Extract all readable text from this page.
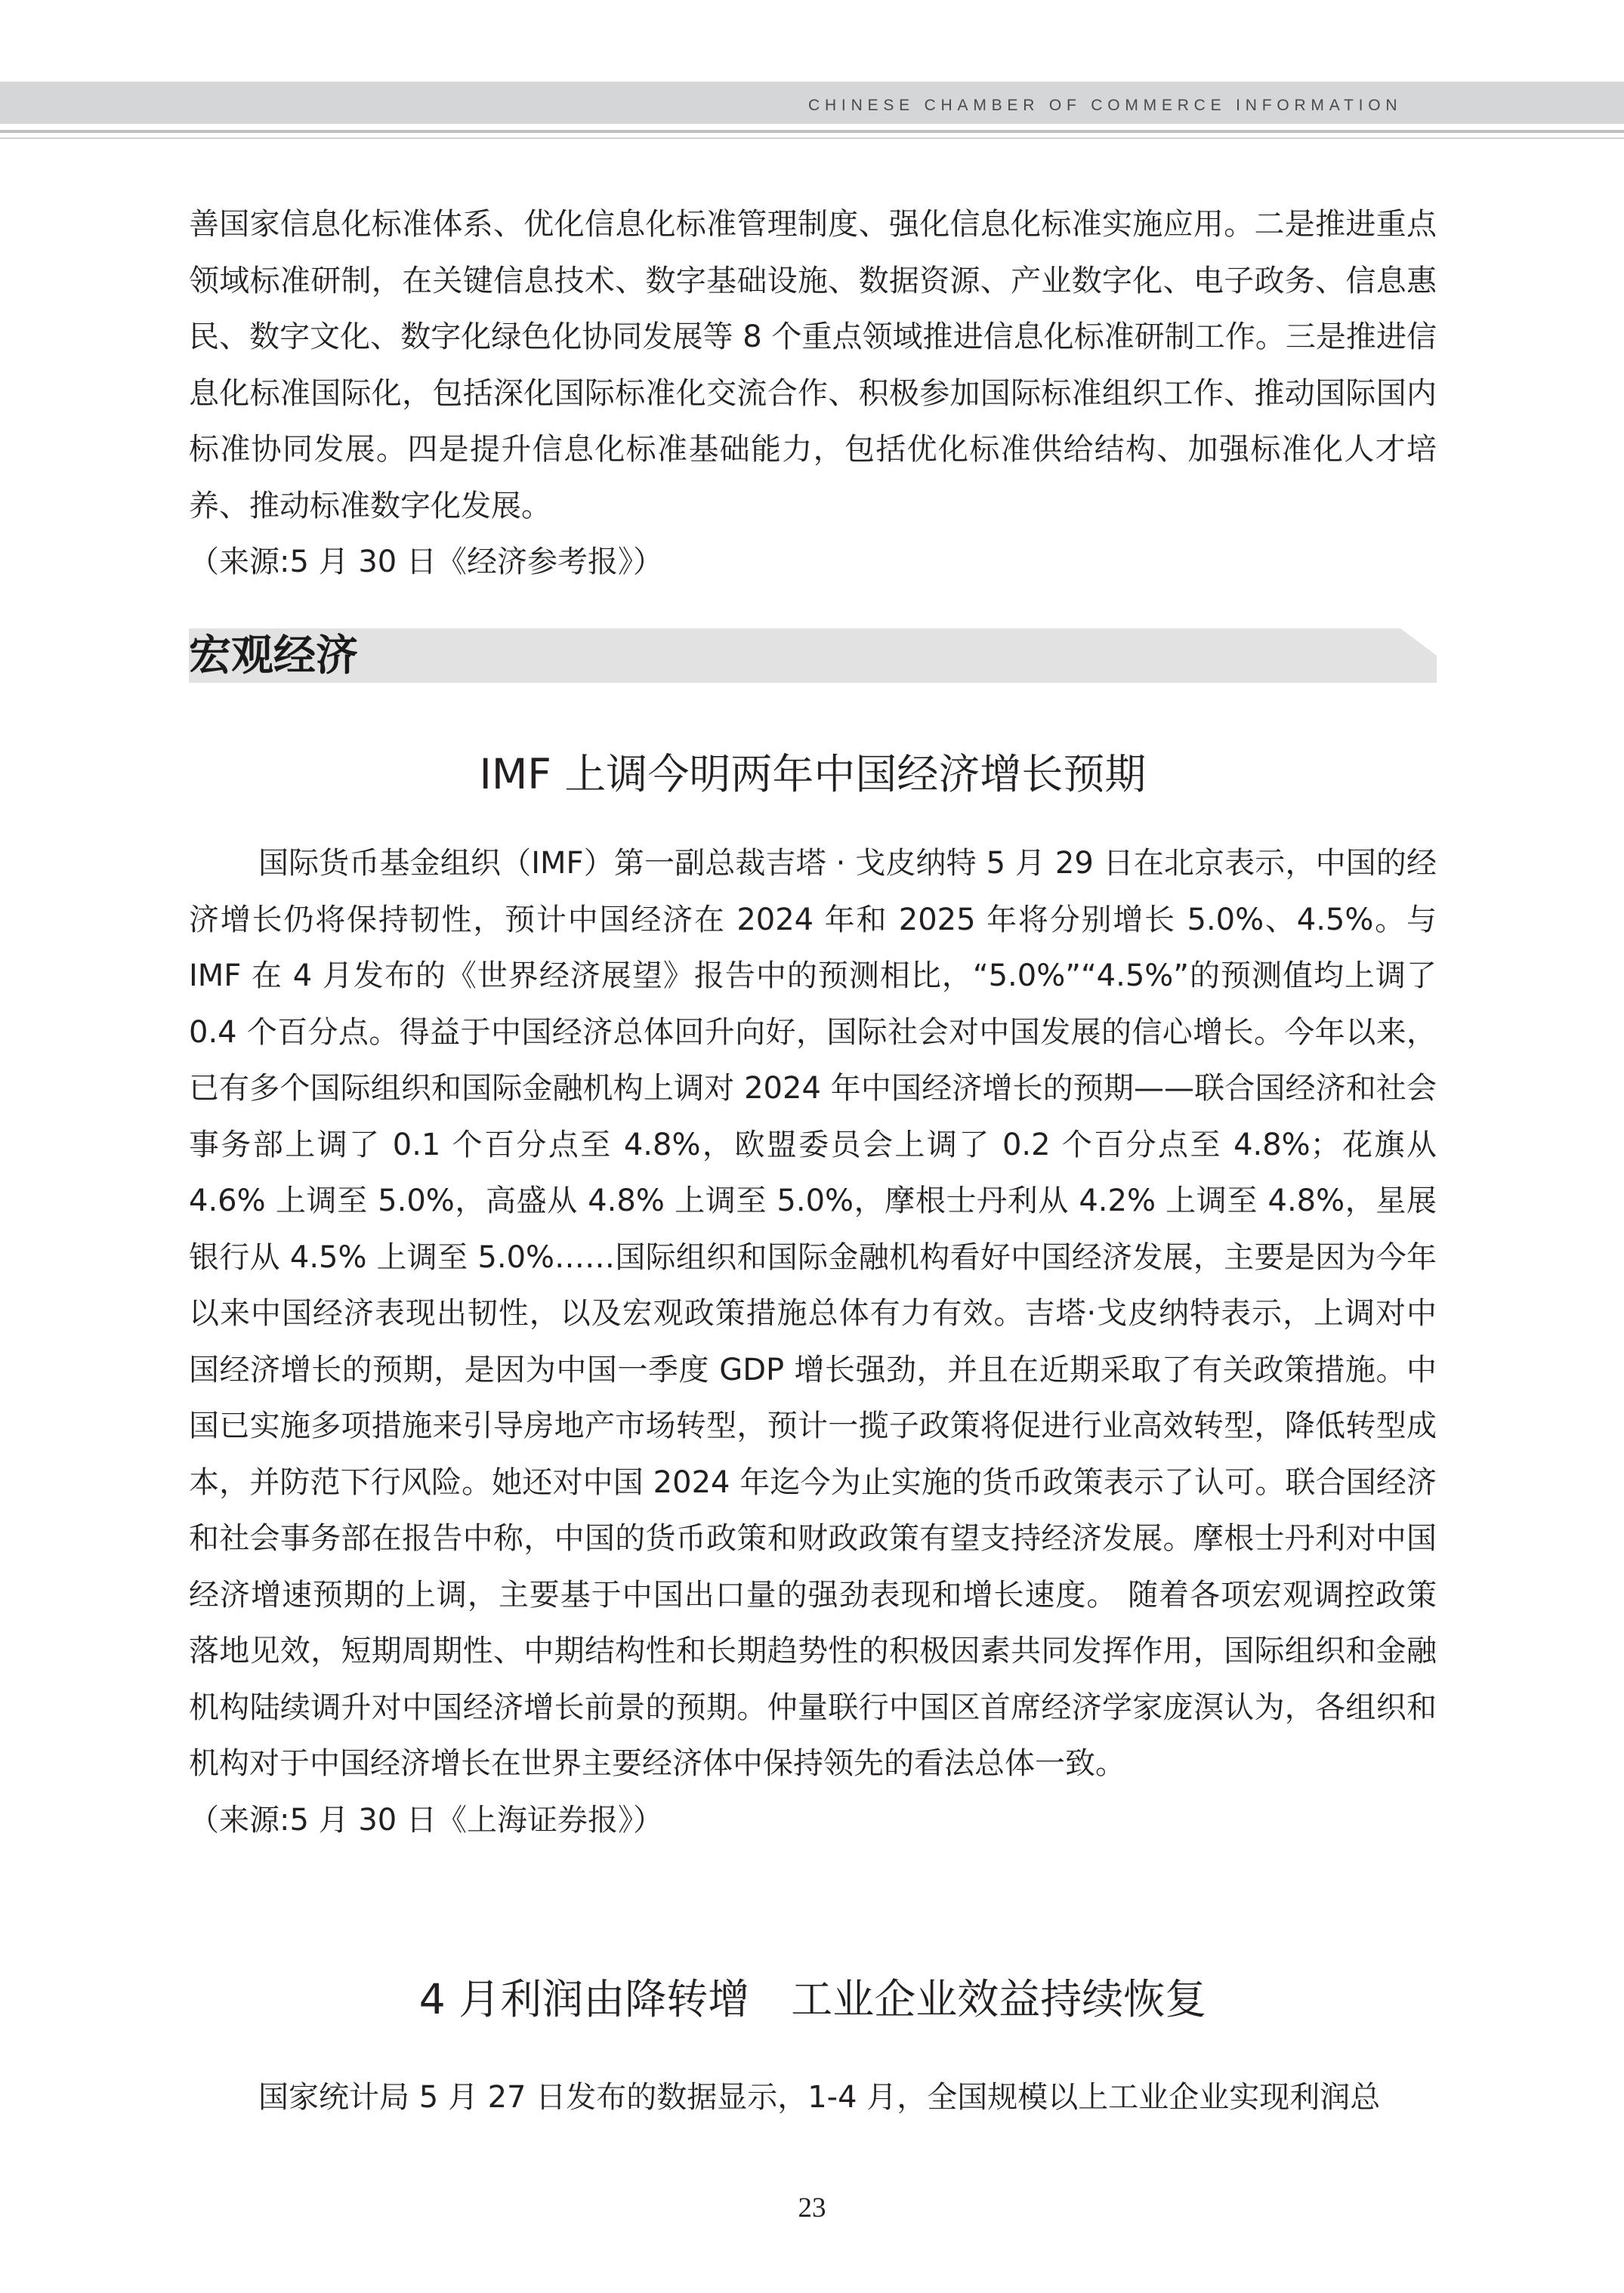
CHINESE CHAMBER OF COMMERCE INFORMATION
善国家信息化标准体系、优化信息化标准管理制度、强化信息化标准实施应用。二是推进重点领域标准研制，在关键信息技术、数字基础设施、数据资源、产业数字化、电子政务、信息惠民、数字文化、数字化绿色化协同发展等 8 个重点领域推进信息化标准研制工作。三是推进信息化标准国际化，包括深化国际标准化交流合作、积极参加国际标准组织工作、推动国际国内标准协同发展。四是提升信息化标准基础能力，包括优化标准供给结构、加强标准化人才培养、推动标准数字化发展。
（来源:5 月 30 日《经济参考报》）
宏观经济
IMF 上调今明两年中国经济增长预期
国际货币基金组织（IMF）第一副总裁吉塔 · 戈皮纳特 5 月 29 日在北京表示，中国的经济增长仍将保持韧性，预计中国经济在 2024 年和 2025 年将分别增长 5.0%、4.5%。与 IMF 在 4 月发布的《世界经济展望》报告中的预测相比，“5.0%”“4.5%”的预测值均上调了 0.4 个百分点。得益于中国经济总体回升向好，国际社会对中国发展的信心增长。今年以来，已有多个国际组织和国际金融机构上调对 2024 年中国经济增长的预期——联合国经济和社会事务部上调了 0.1 个百分点至 4.8%，欧盟委员会上调了 0.2 个百分点至 4.8%；花旗从 4.6% 上调至 5.0%，高盛从 4.8% 上调至 5.0%，摩根士丹利从 4.2% 上调至 4.8%，星展银行从 4.5% 上调至 5.0%……国际组织和国际金融机构看好中国经济发展，主要是因为今年以来中国经济表现出韧性，以及宏观政策措施总体有力有效。吉塔·戈皮纳特表示，上调对中国经济增长的预期，是因为中国一季度 GDP 增长强劲，并且在近期采取了有关政策措施。中国已实施多项措施来引导房地产市场转型，预计一揽子政策将促进行业高效转型，降低转型成本，并防范下行风险。她还对中国 2024 年迄今为止实施的货币政策表示了认可。联合国经济和社会事务部在报告中称，中国的货币政策和财政政策有望支持经济发展。摩根士丹利对中国经济增速预期的上调，主要基于中国出口量的强劲表现和增长速度。 随着各项宏观调控政策落地见效，短期周期性、中期结构性和长期趋势性的积极因素共同发挥作用，国际组织和金融机构陆续调升对中国经济增长前景的预期。仲量联行中国区首席经济学家庞溟认为，各组织和机构对于中国经济增长在世界主要经济体中保持领先的看法总体一致。
（来源:5 月 30 日《上海证券报》）
4 月利润由降转增　工业企业效益持续恢复
国家统计局 5 月 27 日发布的数据显示，1-4 月，全国规模以上工业企业实现利润总
23
